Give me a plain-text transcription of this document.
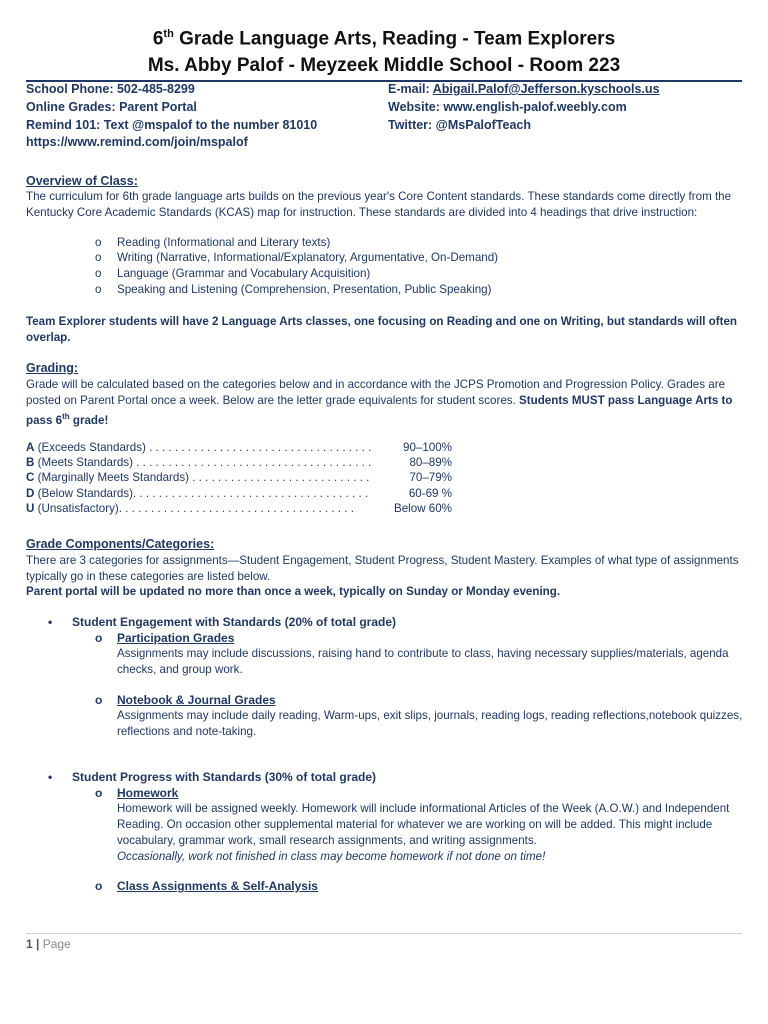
6th Grade Language Arts, Reading - Team Explorers
Ms. Abby Palof - Meyzeek Middle School - Room 223
School Phone: 502-485-8299
Online Grades: Parent Portal
Remind 101: Text @mspalof to the number 81010
https://www.remind.com/join/mspalof
E-mail: Abigail.Palof@Jefferson.kyschools.us
Website: www.english-palof.weebly.com
Twitter: @MsPalofTeach
Overview of Class:
The curriculum for 6th grade language arts builds on the previous year's Core Content standards. These standards come directly from the Kentucky Core Academic Standards (KCAS) map for instruction. These standards are divided into 4 headings that drive instruction:
o Reading (Informational and Literary texts)
o Writing (Narrative, Informational/Explanatory, Argumentative, On-Demand)
o Language (Grammar and Vocabulary Acquisition)
o Speaking and Listening (Comprehension, Presentation, Public Speaking)
Team Explorer students will have 2 Language Arts classes, one focusing on Reading and one on Writing, but standards will often overlap.
Grading:
Grade will be calculated based on the categories below and in accordance with the JCPS Promotion and Progression Policy. Grades are posted on Parent Portal once a week. Below are the letter grade equivalents for student scores. Students MUST pass Language Arts to pass 6th grade!
A (Exceeds Standards) . . . . . . . . . . . . . . . . . . . . . . . . . . . . . . . . . . .	90–100%
B (Meets Standards) . . . . . . . . . . . . . . . . . . . . . . . . . . . . . . . . . . . . .	80–89%
C (Marginally Meets Standards) . . . . . . . . . . . . . . . . . . . . . . . . . . . .	70–79%
D (Below Standards). . . . . . . . . . . . . . . . . . . . . . . . . . . . . . . . . . . . .	60-69 %
U (Unsatisfactory). . . . . . . . . . . . . . . . . . . . . . . . . . . . . . . . . . . . .	Below 60%
Grade Components/Categories:
There are 3 categories for assignments—Student Engagement, Student Progress, Student Mastery. Examples of what type of assignments typically go in these categories are listed below.
Parent portal will be updated no more than once a week, typically on Sunday or Monday evening.
• Student Engagement with Standards (20% of total grade)
o Participation Grades
Assignments may include discussions, raising hand to contribute to class, having necessary supplies/materials, agenda checks, and group work.
o Notebook & Journal Grades
Assignments may include daily reading, Warm-ups, exit slips, journals, reading logs, reading reflections,notebook quizzes, reflections and note-taking.
• Student Progress with Standards (30% of total grade)
o Homework
Homework will be assigned weekly. Homework will include informational Articles of the Week (A.O.W.) and Independent Reading. On occasion other supplemental material for whatever we are working on will be added. This might include vocabulary, grammar work, small research assignments, and writing assignments.
Occasionally, work not finished in class may become homework if not done on time!
o Class Assignments & Self-Analysis
1 | Page
